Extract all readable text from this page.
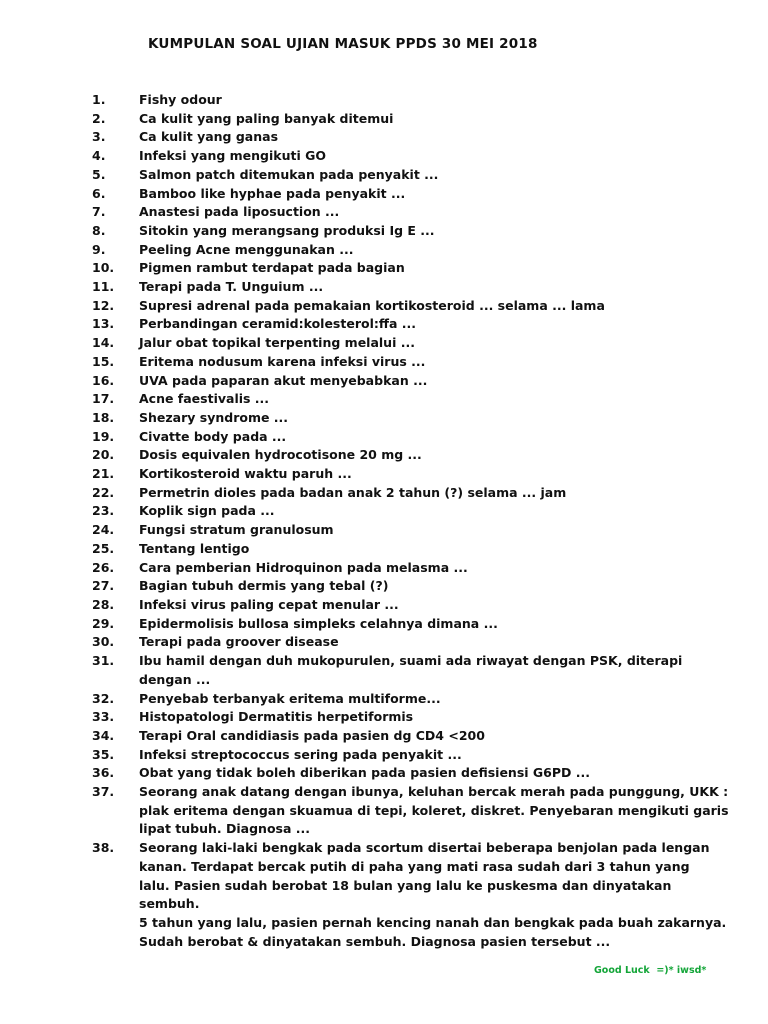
KUMPULAN SOAL UJIAN MASUK PPDS 30 MEI 2018
1.	Fishy odour
2.	Ca kulit yang paling banyak ditemui
3.	Ca kulit yang ganas
4.	Infeksi yang mengikuti GO
5.	Salmon patch ditemukan pada penyakit ...
6.	Bamboo like hyphae pada penyakit ...
7.	Anastesi pada liposuction ...
8.	Sitokin yang merangsang produksi Ig E ...
9.	Peeling Acne menggunakan ...
10.	Pigmen rambut terdapat pada bagian
11.	Terapi pada T. Unguium ...
12.	Supresi adrenal pada pemakaian kortikosteroid ... selama ... lama
13.	Perbandingan ceramid:kolesterol:ffa ...
14.	Jalur obat topikal terpenting melalui ...
15.	Eritema nodusum karena infeksi virus ...
16.	UVA pada paparan akut menyebabkan ...
17.	Acne faestivalis ...
18.	Shezary syndrome ...
19.	Civatte body pada ...
20.	Dosis equivalen hydrocotisone 20 mg ...
21.	Kortikosteroid waktu paruh ...
22.	Permetrin dioles pada badan anak 2 tahun (?) selama ... jam
23.	Koplik sign pada ...
24.	Fungsi stratum granulosum
25.	Tentang lentigo
26.	Cara pemberian Hidroquinon pada melasma ...
27.	Bagian tubuh dermis yang tebal (?)
28.	Infeksi virus paling cepat menular ...
29.	Epidermolisis bullosa simpleks celahnya dimana ...
30.	Terapi pada groover disease
31.	Ibu hamil dengan duh mukopurulen, suami ada riwayat dengan PSK, diterapi
dengan ...
32.	Penyebab terbanyak eritema multiforme...
33.	Histopatologi Dermatitis herpetiformis
34.	Terapi Oral candidiasis pada pasien dg CD4 <200
35.	Infeksi streptococcus sering pada penyakit ...
36.	Obat yang tidak boleh diberikan pada pasien defisiensi G6PD ...
37.	Seorang anak datang dengan ibunya, keluhan bercak merah pada punggung, UKK :
plak eritema dengan skuamua di tepi, koleret, diskret. Penyebaran mengikuti garis
lipat tubuh. Diagnosa ...
38.	Seorang laki-laki bengkak pada scortum disertai beberapa benjolan pada lengan
kanan. Terdapat bercak putih di paha yang mati rasa sudah dari 3 tahun yang
lalu. Pasien sudah berobat 18 bulan yang lalu ke puskesma dan dinyatakan sembuh.
5 tahun yang lalu, pasien pernah kencing nanah dan bengkak pada buah zakarnya.
Sudah berobat & dinyatakan sembuh. Diagnosa pasien tersebut ...
Good Luck  =)* iwsd*
